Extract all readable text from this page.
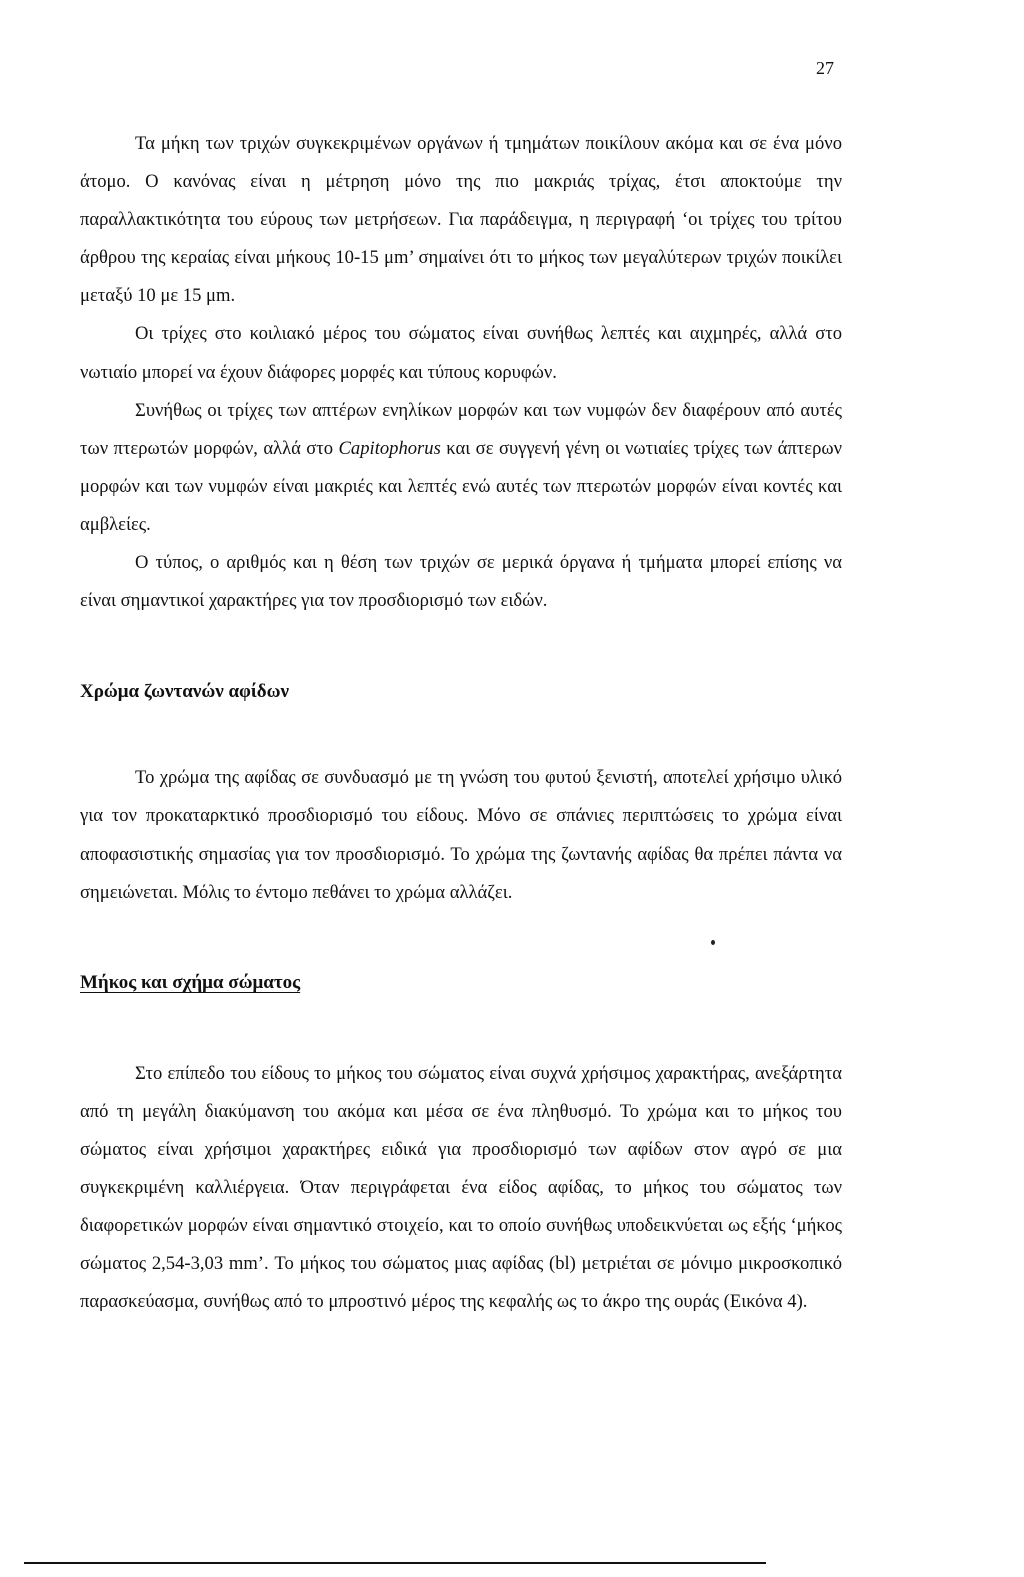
27

Τα μήκη των τριχών συγκεκριμένων οργάνων ή τμημάτων ποικίλουν ακόμα και σε ένα μόνο άτομο. Ο κανόνας είναι η μέτρηση μόνο της πιο μακριάς τρίχας, έτσι αποκτούμε την παραλλακτικότητα του εύρους των μετρήσεων. Για παράδειγμα, η περιγραφή ‘οι τρίχες του τρίτου άρθρου της κεραίας είναι μήκους 10-15 μm’ σημαίνει ότι το μήκος των μεγαλύτερων τριχών ποικίλει μεταξύ 10 με 15 μm.

Οι τρίχες στο κοιλιακό μέρος του σώματος είναι συνήθως λεπτές και αιχμηρές, αλλά στο νωτιαίο μπορεί να έχουν διάφορες μορφές και τύπους κορυφών.

Συνήθως οι τρίχες των απτέρων ενηλίκων μορφών και των νυμφών δεν διαφέρουν από αυτές των πτερωτών μορφών, αλλά στο Capitophorus και σε συγγενή γένη οι νωτιαίες τρίχες των άπτερων μορφών και των νυμφών είναι μακριές και λεπτές ενώ αυτές των πτερωτών μορφών είναι κοντές και αμβλείες.

Ο τύπος, ο αριθμός και η θέση των τριχών σε μερικά όργανα ή τμήματα μπορεί επίσης να είναι σημαντικοί χαρακτήρες για τον προσδιορισμό των ειδών.

Χρώμα ζωντανών αφίδων

Το χρώμα της αφίδας σε συνδυασμό με τη γνώση του φυτού ξενιστή, αποτελεί χρήσιμο υλικό για τον προκαταρκτικό προσδιορισμό του είδους. Μόνο σε σπάνιες περιπτώσεις το χρώμα είναι αποφασιστικής σημασίας για τον προσδιορισμό. Το χρώμα της ζωντανής αφίδας θα πρέπει πάντα να σημειώνεται. Μόλις το έντομο πεθάνει το χρώμα αλλάζει.

Μήκος και σχήμα σώματος

Στο επίπεδο του είδους το μήκος του σώματος είναι συχνά χρήσιμος χαρακτήρας, ανεξάρτητα από τη μεγάλη διακύμανση του ακόμα και μέσα σε ένα πληθυσμό. Το χρώμα και το μήκος του σώματος είναι χρήσιμοι χαρακτήρες ειδικά για προσδιορισμό των αφίδων στον αγρό σε μια συγκεκριμένη καλλιέργεια. Όταν περιγράφεται ένα είδος αφίδας, το μήκος του σώματος των διαφορετικών μορφών είναι σημαντικό στοιχείο, και το οποίο συνήθως υποδεικνύεται ως εξής ‘μήκος σώματος 2,54-3,03 mm’. Το μήκος του σώματος μιας αφίδας (bl) μετριέται σε μόνιμο μικροσκοπικό παρασκεύασμα, συνήθως από το μπροστινό μέρος της κεφαλής ως το άκρο της ουράς (Εικόνα 4).
